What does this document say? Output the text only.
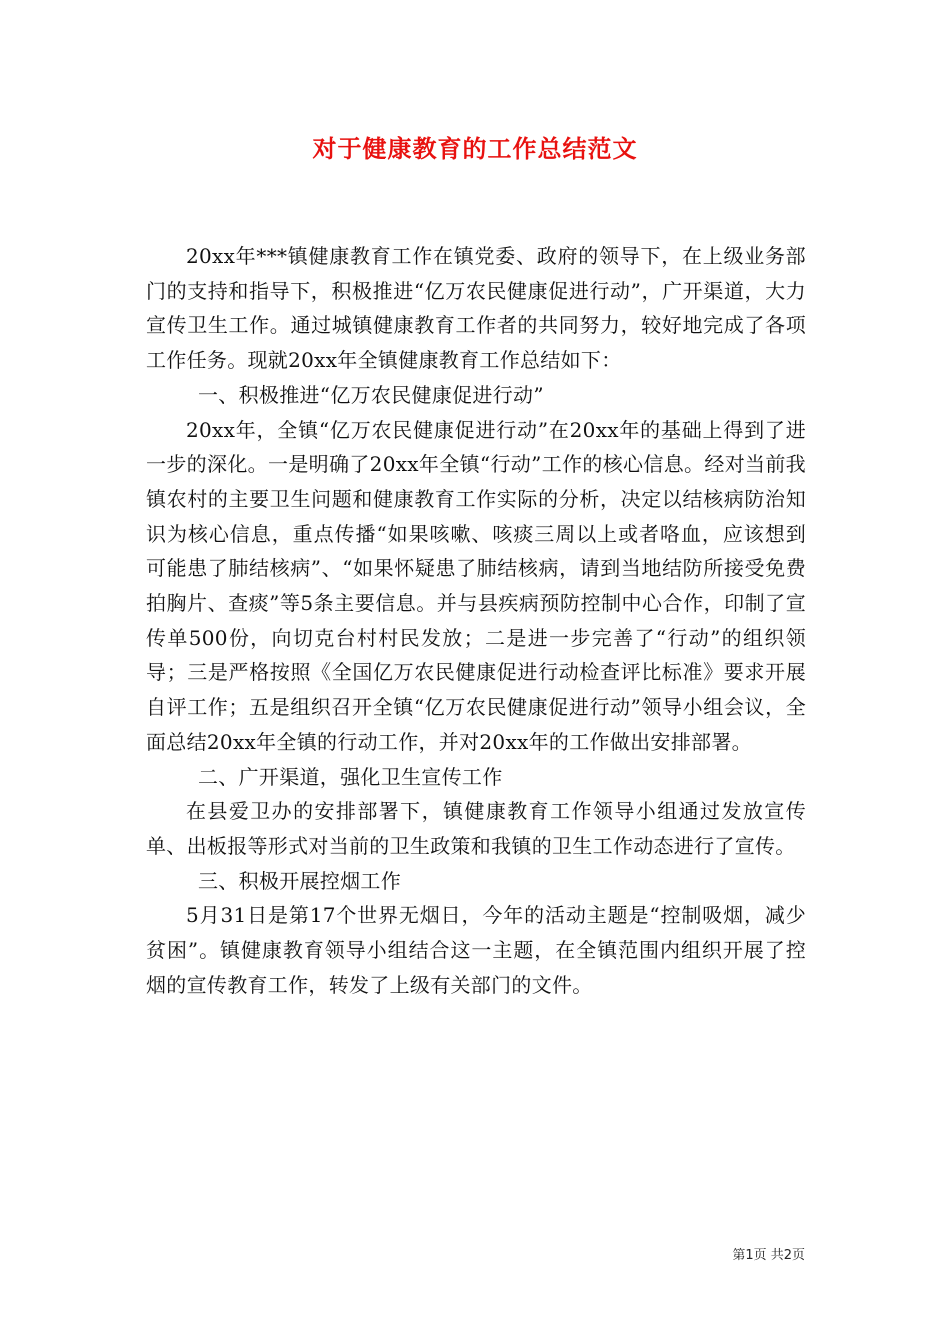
对于健康教育的工作总结范文

20xx年***镇健康教育工作在镇党委、政府的领导下，在上级业务部门的支持和指导下，积极推进“亿万农民健康促进行动”，广开渠道，大力宣传卫生工作。通过城镇健康教育工作者的共同努力，较好地完成了各项工作任务。现就20xx年全镇健康教育工作总结如下：

一、积极推进“亿万农民健康促进行动”

20xx年，全镇“亿万农民健康促进行动”在20xx年的基础上得到了进一步的深化。一是明确了20xx年全镇“行动”工作的核心信息。经对当前我镇农村的主要卫生问题和健康教育工作实际的分析，决定以结核病防治知识为核心信息，重点传播“如果咳嗽、咳痰三周以上或者咯血，应该想到可能患了肺结核病”、“如果怀疑患了肺结核病，请到当地结防所接受免费拍胸片、查痰”等5条主要信息。并与县疾病预防控制中心合作，印制了宣传单500份，向切克台村村民发放；二是进一步完善了“行动”的组织领导；三是严格按照《全国亿万农民健康促进行动检查评比标准》要求开展自评工作；五是组织召开全镇“亿万农民健康促进行动”领导小组会议，全面总结20xx年全镇的行动工作，并对20xx年的工作做出安排部署。

二、广开渠道，强化卫生宣传工作

在县爱卫办的安排部署下，镇健康教育工作领导小组通过发放宣传单、出板报等形式对当前的卫生政策和我镇的卫生工作动态进行了宣传。

三、积极开展控烟工作

5月31日是第17个世界无烟日，今年的活动主题是“控制吸烟，减少贫困”。镇健康教育领导小组结合这一主题，在全镇范围内组织开展了控烟的宣传教育工作，转发了上级有关部门的文件。

第1页 共2页
